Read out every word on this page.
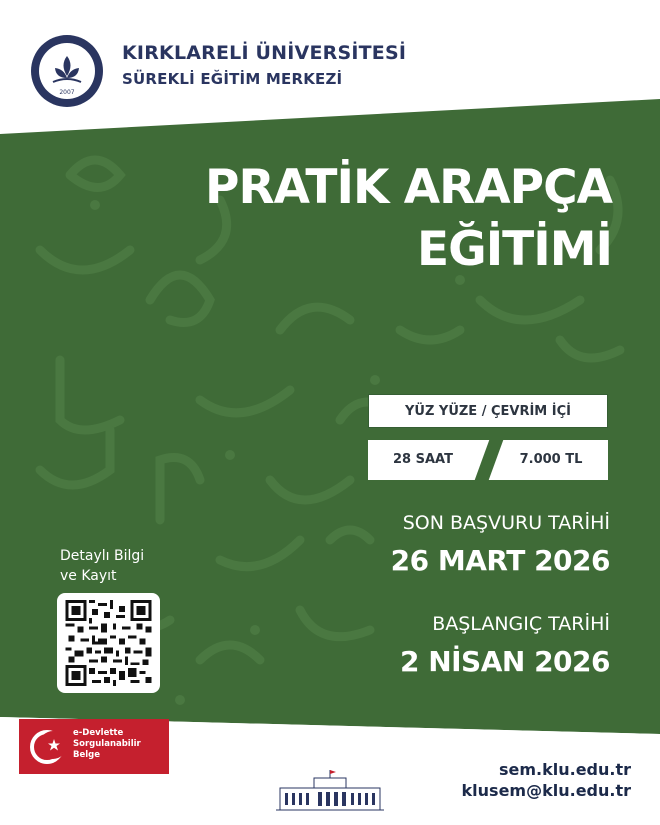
2007
KIRKLARELİ ÜNİVERSİTESİ
SÜREKLİ EĞİTİM MERKEZİ
PRATİK ARAPÇA
EĞİTİMİ
YÜZ YÜZE / ÇEVRİM İÇİ
28 SAAT	7.000 TL
SON BAŞVURU TARİHİ
26 MART 2026
BAŞLANGIÇ TARİHİ
2 NİSAN 2026
Detaylı Bilgi
ve Kayıt
e-Devlette
Sorgulanabilir
Belge
sem.klu.edu.tr
klusem@klu.edu.tr
